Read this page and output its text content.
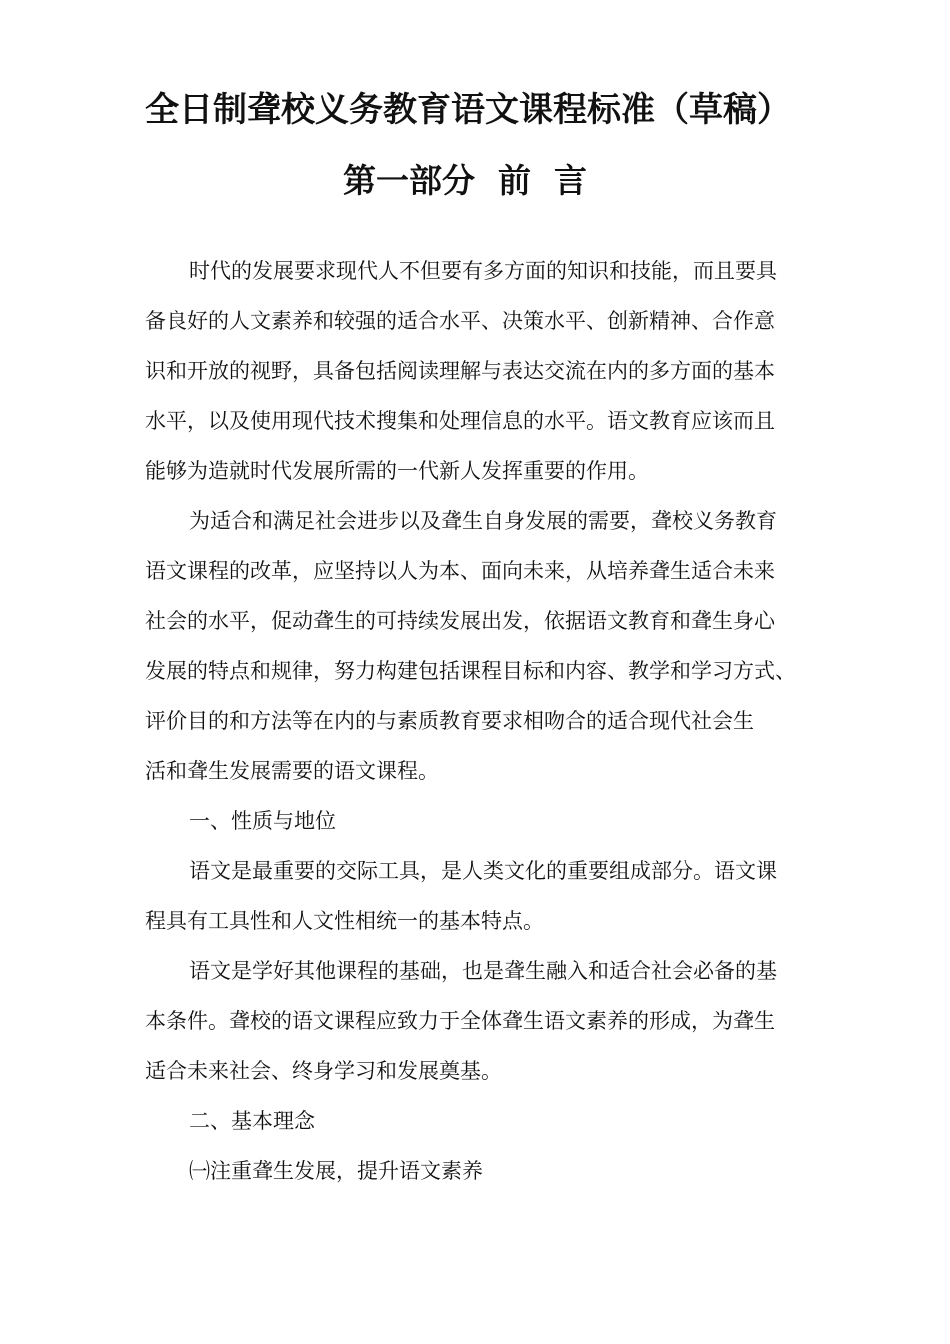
全日制聋校义务教育语文课程标准（草稿）
第一部分  前  言
时代的发展要求现代人不但要有多方面的知识和技能，而且要具
备良好的人文素养和较强的适合水平、决策水平、创新精神、合作意
识和开放的视野，具备包括阅读理解与表达交流在内的多方面的基本
水平，以及使用现代技术搜集和处理信息的水平。语文教育应该而且
能够为造就时代发展所需的一代新人发挥重要的作用。
为适合和满足社会进步以及聋生自身发展的需要，聋校义务教育
语文课程的改革，应坚持以人为本、面向未来，从培养聋生适合未来
社会的水平，促动聋生的可持续发展出发，依据语文教育和聋生身心
发展的特点和规律，努力构建包括课程目标和内容、教学和学习方式、
评价目的和方法等在内的与素质教育要求相吻合的适合现代社会生
活和聋生发展需要的语文课程。
一、性质与地位
语文是最重要的交际工具，是人类文化的重要组成部分。语文课
程具有工具性和人文性相统一的基本特点。
语文是学好其他课程的基础，也是聋生融入和适合社会必备的基
本条件。聋校的语文课程应致力于全体聋生语文素养的形成，为聋生
适合未来社会、终身学习和发展奠基。
二、基本理念
㈠注重聋生发展，提升语文素养
